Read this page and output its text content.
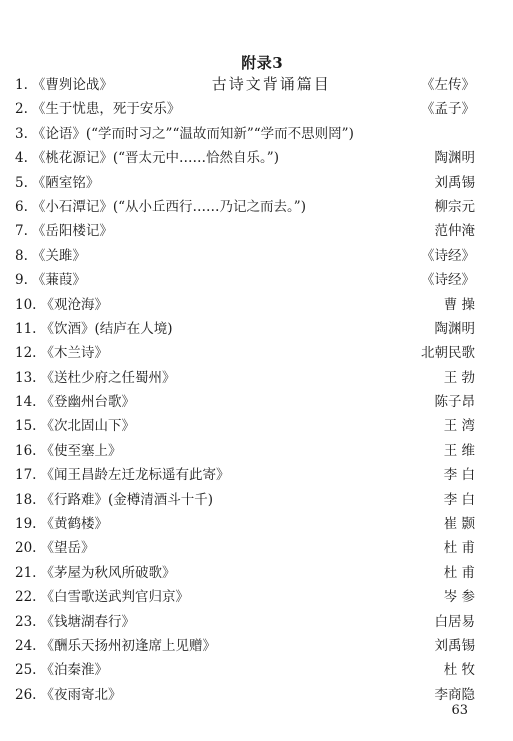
附录3
古诗文背诵篇目

1. 《曹刿论战》	《左传》
2. 《生于忧患，死于安乐》	《孟子》
3. 《论语》(“学而时习之”“温故而知新”“学而不思则罔”)
4. 《桃花源记》(“晋太元中……恰然自乐。”)	陶渊明
5. 《陋室铭》	刘禹锡
6. 《小石潭记》(“从小丘西行……乃记之而去。”)	柳宗元
7. 《岳阳楼记》	范仲淹
8. 《关雎》	《诗经》
9. 《蒹葭》	《诗经》
10. 《观沧海》	曹 操
11. 《饮酒》(结庐在人境)	陶渊明
12. 《木兰诗》	北朝民歌
13. 《送杜少府之任蜀州》	王 勃
14. 《登幽州台歌》	陈子昂
15. 《次北固山下》	王 湾
16. 《使至塞上》	王 维
17. 《闻王昌龄左迁龙标遥有此寄》	李 白
18. 《行路难》(金樽清酒斗十千)	李 白
19. 《黄鹤楼》	崔 颢
20. 《望岳》	杜 甫
21. 《茅屋为秋风所破歌》	杜 甫
22. 《白雪歌送武判官归京》	岑 参
23. 《钱塘湖春行》	白居易
24. 《酬乐天扬州初逢席上见赠》	刘禹锡
25. 《泊秦淮》	杜 牧
26. 《夜雨寄北》	李商隐
63
